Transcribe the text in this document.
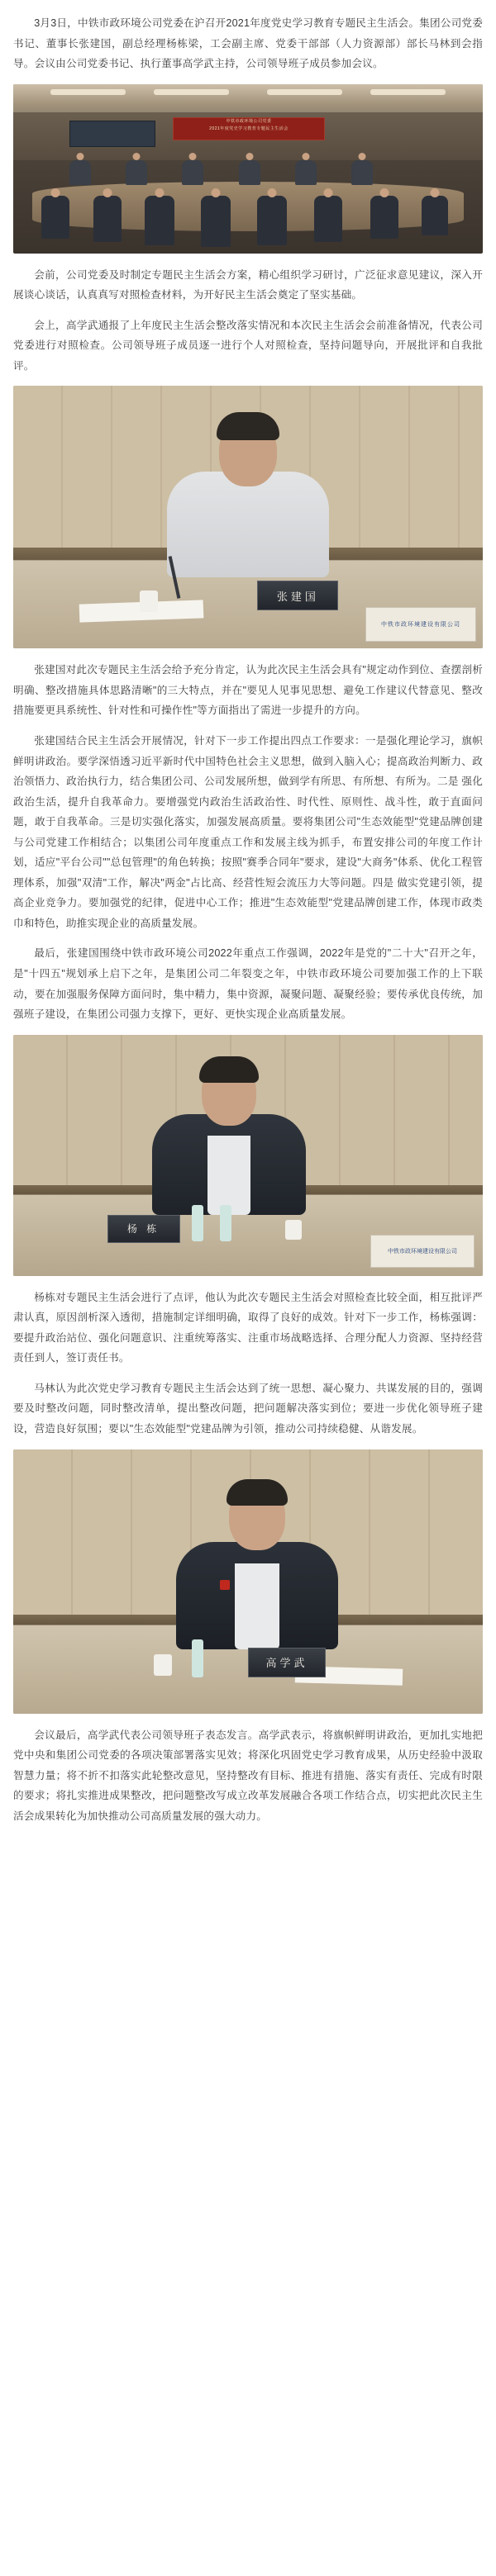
3月3日，中铁市政环境公司党委在沪召开2021年度党史学习教育专题民主生活会。集团公司党委书记、董事长张建国，副总经理杨栋梁，工会副主席、党委干部部（人力资源部）部长马林到会指导。会议由公司党委书记、执行董事高学武主持，公司领导班子成员参加会议。

中铁市政环境公司党委
2021年度党史学习教育专题民主生活会

会前，公司党委及时制定专题民主生活会方案，精心组织学习研讨，广泛征求意见建议，深入开展谈心谈话，认真真写对照检查材料，为开好民主生活会奠定了坚实基础。

会上，高学武通报了上年度民主生活会整改落实情况和本次民主生活会会前准备情况，代表公司党委进行对照检查。公司领导班子成员逐一进行个人对照检查，坚持问题导向，开展批评和自我批评。

张建国
中铁市政环境建设有限公司

张建国对此次专题民主生活会给予充分肯定，认为此次民主生活会具有"规定动作到位、查摆剖析明确、整改措施具体思路清晰"的三大特点，并在"要见人见事见思想、避免工作建议代替意见、整改措施要更具系统性、针对性和可操作性"等方面指出了需进一步提升的方向。

张建国结合民主生活会开展情况，针对下一步工作提出四点工作要求：一是强化理论学习，旗帜鲜明讲政治。要学深悟透习近平新时代中国特色社会主义思想，做到入脑入心；提高政治判断力、政治领悟力、政治执行力，结合集团公司、公司发展所想，做到学有所思、有所想、有所为。二是 强化政治生活，提升自我革命力。要增强党内政治生活政治性、时代性、原则性、战斗性，敢于直面问题，敢于自我革命。三是切实强化落实，加强发展高质量。要将集团公司"生态效能型"党建品牌创建与公司党建工作相结合；以集团公司年度重点工作和发展主线为抓手，布置安排公司的年度工作计划，适应"平台公司""总包管理"的角色转换；按照"赛季合同年"要求，建设"大商务"体系、优化工程管理体系，加强"双清"工作，解决"两金"占比高、经营性短会流压力大等问题。四是 做实党建引领，提高企业竞争力。要加强党的纪律，促进中心工作；推进"生态效能型"党建品牌创建工作，体现市政类巾和特色，助推实现企业的高质量发展。

最后，张建国围绕中铁市政环境公司2022年重点工作强调，2022年是党的"二十大"召开之年，是"十四五"规划承上启下之年，是集团公司二年裂变之年，中铁市政环境公司要加强工作的上下联动，要在加强服务保障方面问时，集中精力，集中资源，凝聚问题、凝聚经验；要传承优良传统，加强班子建设，在集团公司强力支撑下，更好、更快实现企业高质量发展。

杨 栋
中铁市政环境建设有限公司

杨栋对专题民主生活会进行了点评，他认为此次专题民主生活会对照检查比较全面，相互批评严肃认真，原因剖析深入透彻，措施制定详细明确，取得了良好的成效。针对下一步工作，杨栋强调：要提升政治站位、强化问题意识、注重统筹落实、注重市场战略选择、合理分配人力资源、坚持经营责任到人，签订责任书。

马林认为此次党史学习教育专题民主生活会达到了统一思想、凝心聚力、共谋发展的目的，强调要及时整改问题，同时整改清单，提出整改问题，把问题解决落实到位；要进一步优化领导班子建设，营造良好氛围；要以"生态效能型"党建品牌为引领，推动公司持续稳健、从谐发展。

高学武

会议最后，高学武代表公司领导班子表态发言。高学武表示，将旗帜鲜明讲政治，更加扎实地把党中央和集团公司党委的各项决策部署落实见效；将深化巩固党史学习教育成果，从历史经验中汲取智慧力量；将不折不扣落实此轮整改意见，坚持整改有目标、推进有措施、落实有责任、完成有时限的要求；将扎实推进成果整改，把问题整改写成立改革发展融合各项工作结合点，切实把此次民主生活会成果转化为加快推动公司高质量发展的强大动力。
